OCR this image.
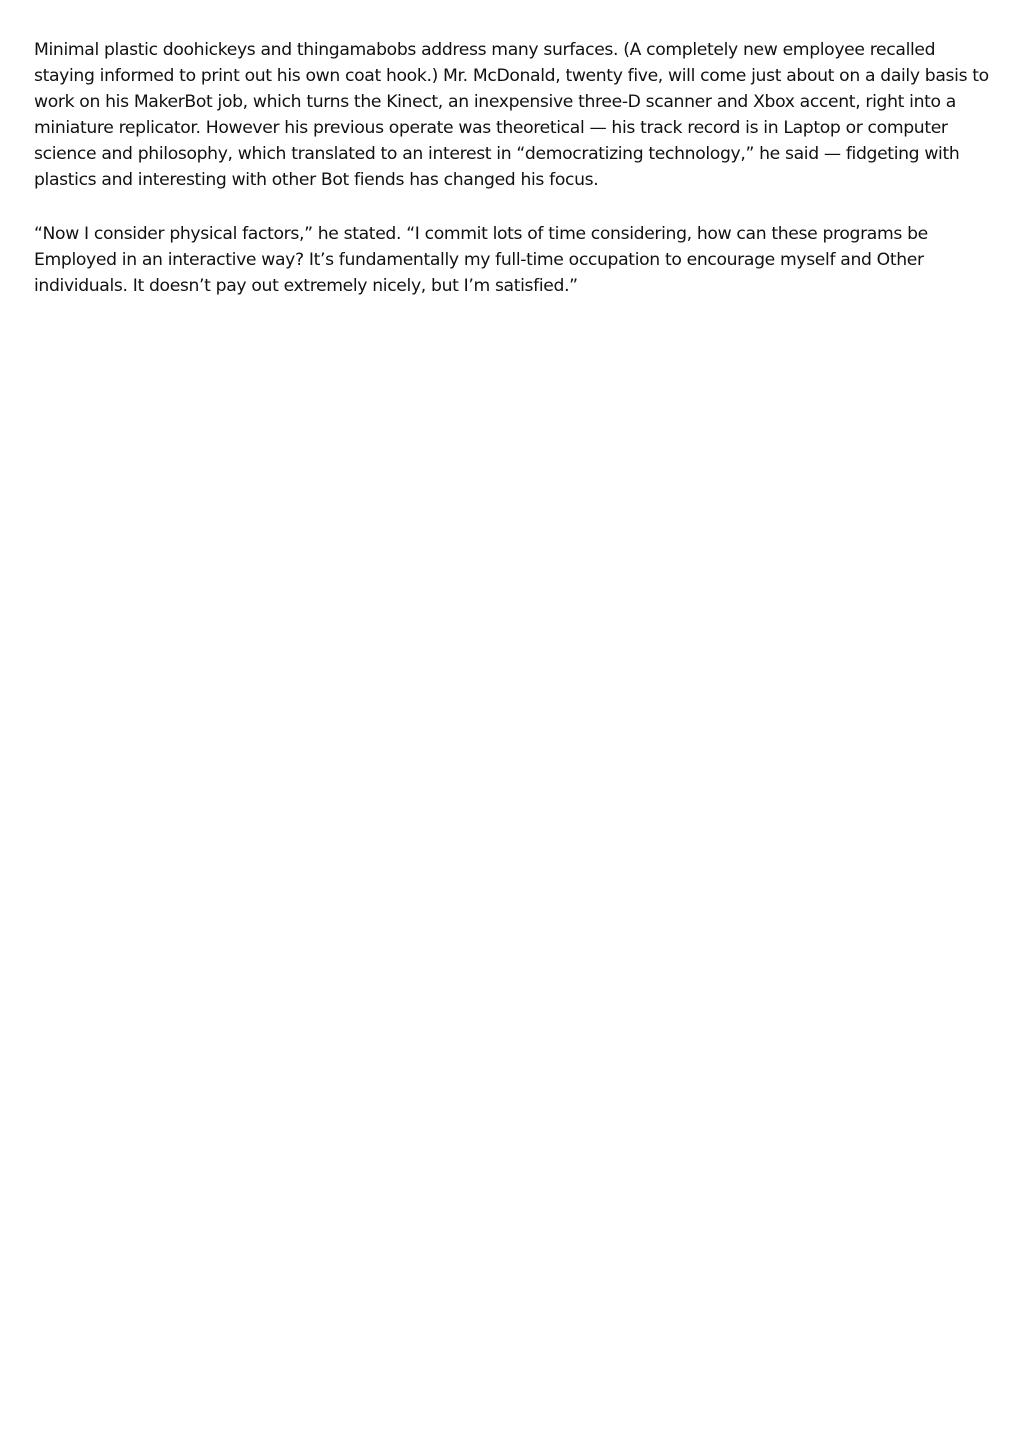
Minimal plastic doohickeys and thingamabobs address many surfaces. (A completely new employee recalled staying informed to print out his own coat hook.) Mr. McDonald, twenty five, will come just about on a daily basis to work on his MakerBot job, which turns the Kinect, an inexpensive three-D scanner and Xbox accent, right into a miniature replicator. However his previous operate was theoretical — his track record is in Laptop or computer science and philosophy, which translated to an interest in “democratizing technology,” he said — fidgeting with plastics and interesting with other Bot fiends has changed his focus.

“Now I consider physical factors,” he stated. “I commit lots of time considering, how can these programs be Employed in an interactive way? It’s fundamentally my full-time occupation to encourage myself and Other individuals. It doesn’t pay out extremely nicely, but I’m satisfied.”
